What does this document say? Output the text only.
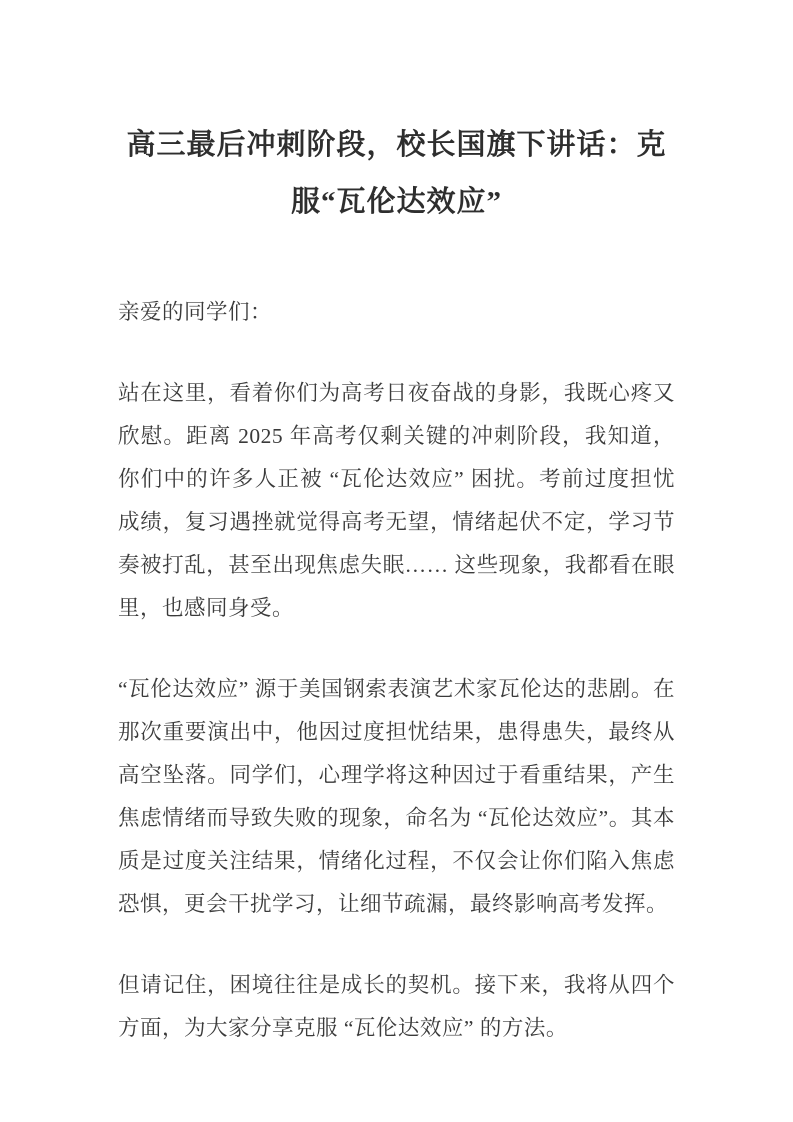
高三最后冲刺阶段，校长国旗下讲话：克服“瓦伦达效应”

亲爱的同学们：

站在这里，看着你们为高考日夜奋战的身影，我既心疼又欣慰。距离 2025 年高考仅剩关键的冲刺阶段，我知道，你们中的许多人正被 “瓦伦达效应” 困扰。考前过度担忧成绩，复习遇挫就觉得高考无望，情绪起伏不定，学习节奏被打乱，甚至出现焦虑失眠…… 这些现象，我都看在眼里，也感同身受。

“瓦伦达效应” 源于美国钢索表演艺术家瓦伦达的悲剧。在那次重要演出中，他因过度担忧结果，患得患失，最终从高空坠落。同学们，心理学将这种因过于看重结果，产生焦虑情绪而导致失败的现象，命名为 “瓦伦达效应”。其本质是过度关注结果，情绪化过程，不仅会让你们陷入焦虑恐惧，更会干扰学习，让细节疏漏，最终影响高考发挥。

但请记住，困境往往是成长的契机。接下来，我将从四个方面，为大家分享克服 “瓦伦达效应” 的方法。
